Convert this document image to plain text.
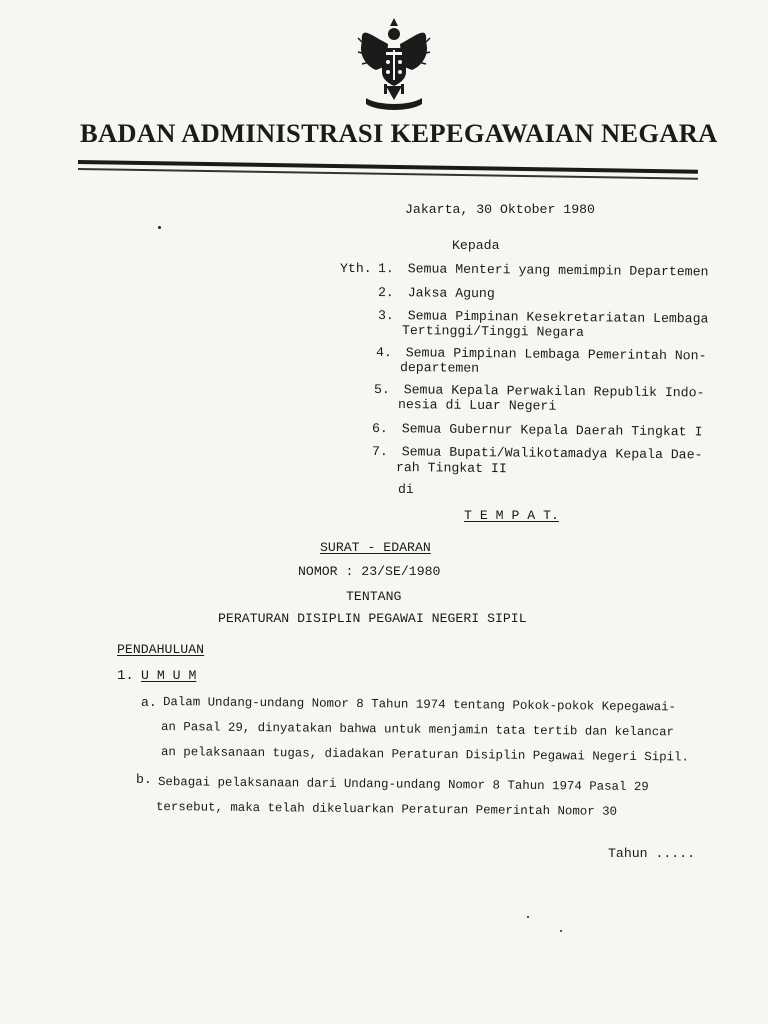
BADAN ADMINISTRASI KEPEGAWAIAN NEGARA
Jakarta, 30 Oktober 1980
Kepada
Yth. 1. Semua Menteri yang memimpin Departemen
2. Jaksa Agung
3. Semua Pimpinan Kesekretariatan Lembaga
Tertinggi/Tinggi Negara
4. Semua Pimpinan Lembaga Pemerintah Non-
departemen
5. Semua Kepala Perwakilan Republik Indo-
nesia di Luar Negeri
6. Semua Gubernur Kepala Daerah Tingkat I
7. Semua Bupati/Walikotamadya Kepala Dae-
rah Tingkat II
di
T E M P A T.
SURAT - EDARAN
NOMOR : 23/SE/1980
TENTANG
PERATURAN DISIPLIN PEGAWAI NEGERI SIPIL
PENDAHULUAN
1. U M U M
a. Dalam Undang-undang Nomor 8 Tahun 1974 tentang Pokok-pokok Kepegawai-
an Pasal 29, dinyatakan bahwa untuk menjamin tata tertib dan kelancar
an pelaksanaan tugas, diadakan Peraturan Disiplin Pegawai Negeri Sipil.
b. Sebagai pelaksanaan dari Undang-undang Nomor 8 Tahun 1974 Pasal 29
tersebut, maka telah dikeluarkan Peraturan Pemerintah Nomor 30
Tahun .....
